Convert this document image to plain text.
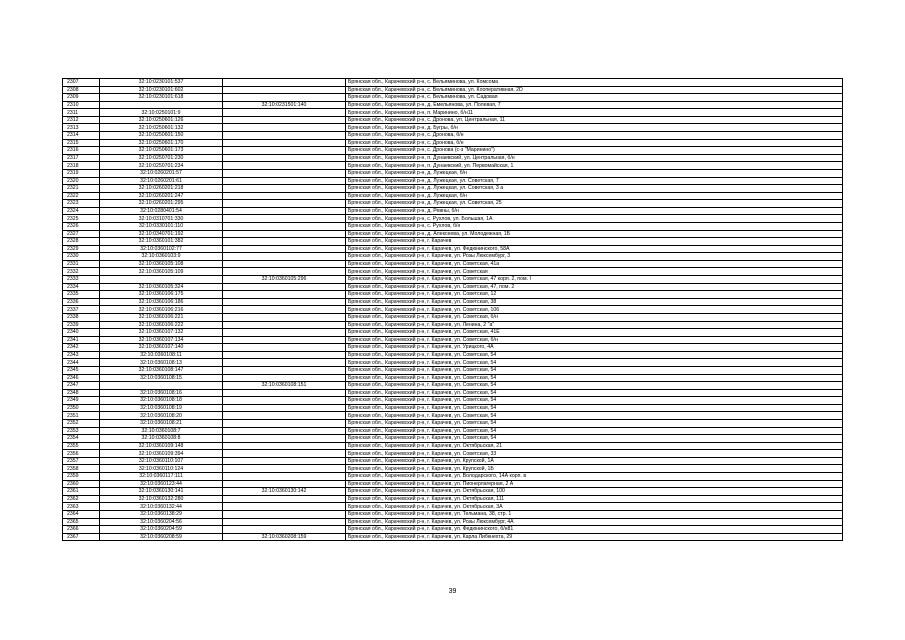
2307	32:10:0230101:537		Брянская обл., Карачевский р-н, с. Вельяминова, ул. Комсома
2308	32:10:0230101:602		Брянская обл., Карачевский р-н, с. Вельяминова, ул. Кооперативная, 2D
2309	32:10:0230101:618		Брянская обл., Карачевский р-н, с. Вельяминова, ул. Садовая
2310		32:10:0231501:140	Брянская обл., Карачевский р-н, д. Емельянова, ул. Полевая, 7
2311	32:10:0250101:9		Брянская обл., Карачевский р-н, п. Маринино, б/н11
2312	32:10:0250601:126		Брянская обл., Карачевский р-н, с. Дронова, ул. Центральная, 11
2313	32:10:0250601:132		Брянская обл., Карачевский р-н, д. Бугры, б/н
2314	32:10:0250601:150		Брянская обл., Карачевский р-н, с. Дронова, б/н
2315	32:10:0250601:170		Брянская обл., Карачевский р-н, с. Дронова, б/н
2316	32:10:0250601:173		Брянская обл., Карачевский р-н, с. Дронова (с-з "Маринино")
2317	32:10:0250701:230		Брянская обл., Карачевский р-н, п. Дунаевский, ул. Центральная, б/н
2318	32:10:0250701:234		Брянская обл., Карачевский р-н, п. Дунаевский, ул. Первомайская, 1
2319	32:10:0260201:57		Брянская обл., Карачевский р-н, д. Лужецкая, б/н
2320	32:10:0260201:61		Брянская обл., Карачевский р-н, д. Лужецкая, ул. Советская, 7
2321	32:10:0260201:218		Брянская обл., Карачевский р-н, д. Лужецкая, ул. Советская, 3 а
2322	32:10:0260201:247		Брянская обл., Карачевский р-н, д. Лужецкая, б/н
2323	32:10:0260201:295		Брянская обл., Карачевский р-н, д. Лужецкая, ул. Советская, 25
2324	32:10:0280401:54		Брянская обл., Карачевский р-н, д. Ревны, б/н
2325	32:10:0310701:330		Брянская обл., Карачевский р-н, с. Рухлов, ул. Большая, 1А
2326	32:10:0330101:110		Брянская обл., Карачевский р-н, с. Рухлов, б/н
2327	32:10:0340701:192		Брянская обл., Карачевский р-н, д. Алексеева, ул. Молодежная, 1Б
2328	32:10:0360101:382		Брянская обл., Карачевский р-н, г. Карачев
2329	32:10:0360102:77		Брянская обл., Карачевский р-н, г. Карачев, ул. Федюнинского, 58А
2330	32:10:0360103:9		Брянская обл., Карачевский р-н, г. Карачев, ул. Розы Люксембург, 3
2331	32:10:0360105:108		Брянская обл., Карачевский р-н, г. Карачев, ул. Советская, 41а
2332	32:10:0360105:109		Брянская обл., Карачевский р-н, г. Карачев, ул. Советская
2333		32:10:0360105:296	Брянская обл., Карачевский р-н, г. Карачев, ул. Советская, 47 корп. 2, пом. I
2334	32:10:0360105:324		Брянская обл., Карачевский р-н, г. Карачев, ул. Советская, 47, пом. 2
2335	32:10:0360106:175		Брянская обл., Карачевский р-н, г. Карачев, ул. Советская, 12
2336	32:10:0360106:186		Брянская обл., Карачевский р-н, г. Карачев, ул. Советская, 38
2337	32:10:0360106:216		Брянская обл., Карачевский р-н, г. Карачев, ул. Советская, 106
2338	32:10:0360106:221		Брянская обл., Карачевский р-н, г. Карачев, ул. Советская, б/н
2339	32:10:0360106:222		Брянская обл., Карачевский р-н, г. Карачев, ул. Ленина, 2 "а"
2340	32:10:0360107:132		Брянская обл., Карачевский р-н, г. Карачев, ул. Советская, 41Е
2341	32:10:0360107:134		Брянская обл., Карачевский р-н, г. Карачев, ул. Советская, б/н
2342	32:10:0360107:140		Брянская обл., Карачевский р-н, г. Карачев, ул. Урицкого, 4А
2343	32:10:0360108:11		Брянская обл., Карачевский р-н, г. Карачев, ул. Советская, 54
2344	32:10:0360108:13		Брянская обл., Карачевский р-н, г. Карачев, ул. Советская, 54
2345	32:10:0360108:147		Брянская обл., Карачевский р-н, г. Карачев, ул. Советская, 54
2346	32:10:0360108:15		Брянская обл., Карачевский р-н, г. Карачев, ул. Советская, 54
2347		32:10:0360108:151	Брянская обл., Карачевский р-н, г. Карачев, ул. Советская, 54
2348	32:10:0360108:16		Брянская обл., Карачевский р-н, г. Карачев, ул. Советская, 54
2349	32:10:0360108:18		Брянская обл., Карачевский р-н, г. Карачев, ул. Советская, 54
2350	32:10:0360108:19		Брянская обл., Карачевский р-н, г. Карачев, ул. Советская, 54
2351	32:10:0360108:20		Брянская обл., Карачевский р-н, г. Карачев, ул. Советская, 54
2352	32:10:0360108:21		Брянская обл., Карачевский р-н, г. Карачев, ул. Советская, 54
2353	32:10:0360108:7		Брянская обл., Карачевский р-н, г. Карачев, ул. Советская, 54
2354	32:10:0360108:8		Брянская обл., Карачевский р-н, г. Карачев, ул. Советская, 54
2355	32:10:0360109:148		Брянская обл., Карачевский р-н, г. Карачев, ул. Октябрьская, 21
2356	32:10:0360109:394		Брянская обл., Карачевский р-н, г. Карачев, ул. Советская, 33
2357	32:10:0360110:107		Брянская обл., Карачевский р-н, г. Карачев, ул. Крупской, 1А
2358	32:10:0360110:124		Брянская обл., Карачевский р-н, г. Карачев, ул. Крупской, 1Б
2359	32:10:0360117:111		Брянская обл., Карачевский р-н, г. Карачев, ул. Володарского, 14А корп. в
2360	32:10:0360123:44		Брянская обл., Карачевский р-н, г. Карачев, ул. Пионерлагерная, 2 А
2361	32:10:0360130:141	32:10:0360130:142	Брянская обл., Карачевский р-н, г. Карачев, ул. Октябрьская, 100
2362	32:10:0360132:280		Брянская обл., Карачевский р-н, г. Карачев, ул. Октябрьская, 111
2363	32:10:0360132:44		Брянская обл., Карачевский р-н, г. Карачев, ул. Октябрьская, 3А
2364	32:10:0360138:29		Брянская обл., Карачевский р-н, г. Карачев, ул. Тельмана, 38, стр. 1
2365	32:10:0360204:56		Брянская обл., Карачевский р-н, г. Карачев, ул. Розы Люксембург, 4А
2366	32:10:0360204:59		Брянская обл., Карачевский р-н, г. Карачев, ул. Федюнинского, б/н81
2367	32:10:0360208:59	32:10:0360208:159	Брянская обл., Карачевский р-н, г. Карачев, ул. Карла Либкнехта, 29
39
